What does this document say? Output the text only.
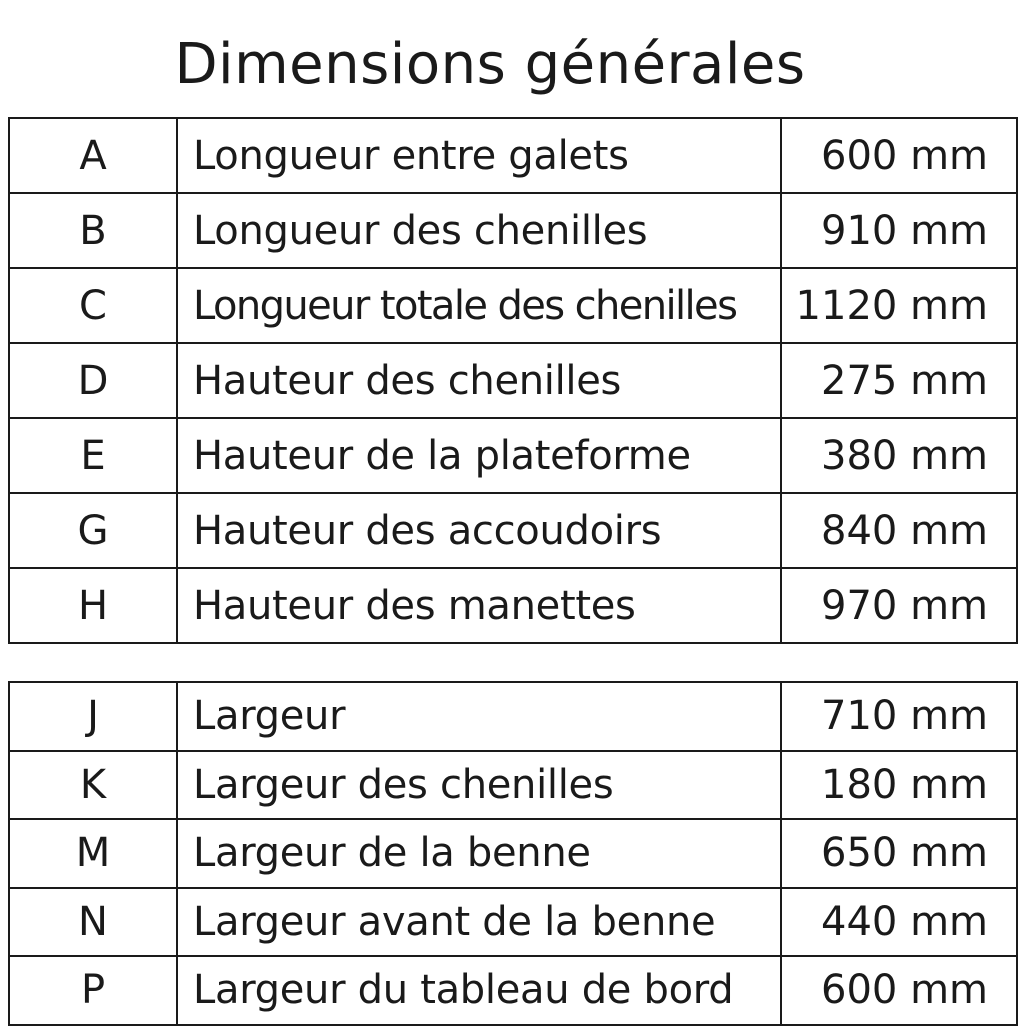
Dimensions générales
A	Longueur entre galets	600 mm
B	Longueur des chenilles	910 mm
C	Longueur totale des chenilles	1120 mm
D	Hauteur des chenilles	275 mm
E	Hauteur de la plateforme	380 mm
G	Hauteur des accoudoirs	840 mm
H	Hauteur des manettes	970 mm
J	Largeur	710 mm
K	Largeur des chenilles	180 mm
M	Largeur de la benne	650 mm
N	Largeur avant de la benne	440 mm
P	Largeur du tableau de bord	600 mm
